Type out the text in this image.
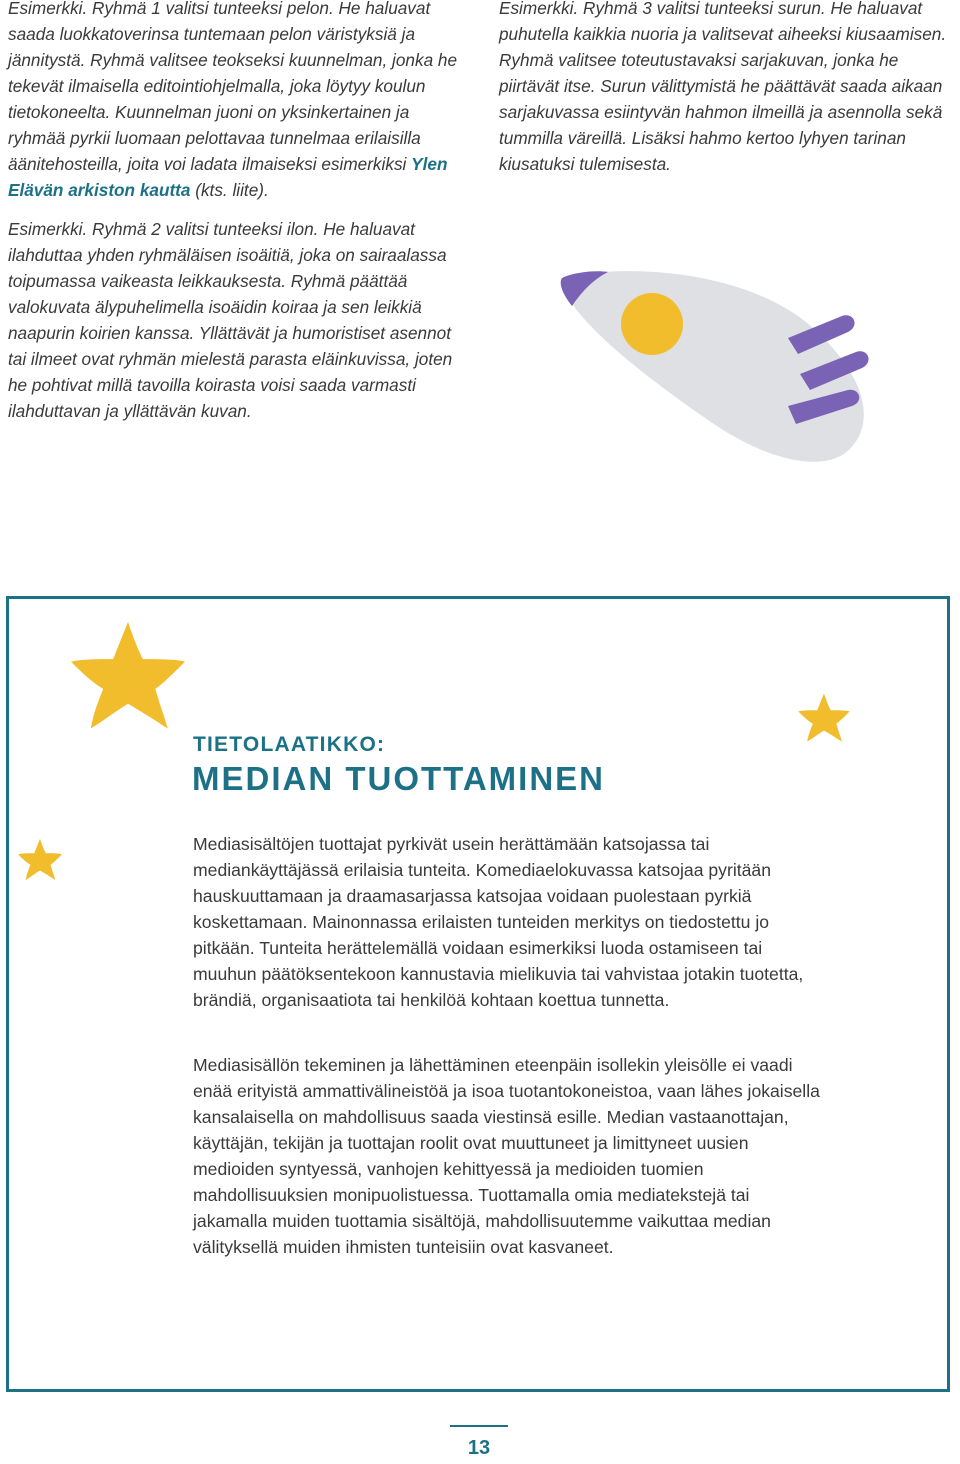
Esimerkki. Ryhmä 1 valitsi tunteeksi pelon. He haluavat saada luokkatoverinsa tuntemaan pelon väristyksiä ja jännitystä. Ryhmä valitsee teokseksi kuunnelman, jonka he tekevät ilmaisella editointiohjelmalla, joka löytyy koulun tietokoneelta. Kuunnelman juoni on yksinkertainen ja ryhmää pyrkii luomaan pelottavaa tunnelmaa erilaisilla äänitehosteilla, joita voi ladata ilmaiseksi esimerkiksi Ylen Elävän arkiston kautta (kts. liite).

Esimerkki. Ryhmä 2 valitsi tunteeksi ilon. He haluavat ilahduttaa yhden ryhmäläisen isoäitiä, joka on sairaalassa toipumassa vaikeasta leikkauksesta. Ryhmä päättää valokuvata älypuhelimella isoäidin koiraa ja sen leikkiä naapurin koirien kanssa. Yllättävät ja humoristiset asennot tai ilmeet ovat ryhmän mielestä parasta eläinkuvissa, joten he pohtivat millä tavoilla koirasta voisi saada varmasti ilahduttavan ja yllättävän kuvan.

Esimerkki. Ryhmä 3 valitsi tunteeksi surun. He haluavat puhutella kaikkia nuoria ja valitsevat aiheeksi kiusaamisen. Ryhmä valitsee toteutustavaksi sarjakuvan, jonka he piirtävät itse. Surun välittymistä he päättävät saada aikaan sarjakuvassa esiintyvän hahmon ilmeillä ja asennolla sekä tummilla väreillä. Lisäksi hahmo kertoo lyhyen tarinan kiusatuksi tulemisesta.

TIETOLAATIKKO:
MEDIAN TUOTTAMINEN

Mediasisältöjen tuottajat pyrkivät usein herättämään katsojassa tai mediankäyttäjässä erilaisia tunteita. Komediaelokuvassa katsojaa pyritään hauskuuttamaan ja draamasarjassa katsojaa voidaan puolestaan pyrkiä koskettamaan. Mainonnassa erilaisten tunteiden merkitys on tiedostettu jo pitkään. Tunteita herättelemällä voidaan esimerkiksi luoda ostamiseen tai muuhun päätöksentekoon kannustavia mielikuvia tai vahvistaa jotakin tuotetta, brändiä, organisaatiota tai henkilöä kohtaan koettua tunnetta.

Mediasisällön tekeminen ja lähettäminen eteenpäin isollekin yleisölle ei vaadi enää erityistä ammattivälineistöä ja isoa tuotantokoneistoa, vaan lähes jokaisella kansalaisella on mahdollisuus saada viestinsä esille. Median vastaanottajan, käyttäjän, tekijän ja tuottajan roolit ovat muuttuneet ja limittyneet uusien medioiden syntyessä, vanhojen kehittyessä ja medioiden tuomien mahdollisuuksien monipuolistuessa. Tuottamalla omia mediatekstejä tai jakamalla muiden tuottamia sisältöjä, mahdollisuutemme vaikuttaa median välityksellä muiden ihmisten tunteisiin ovat kasvaneet.

13
